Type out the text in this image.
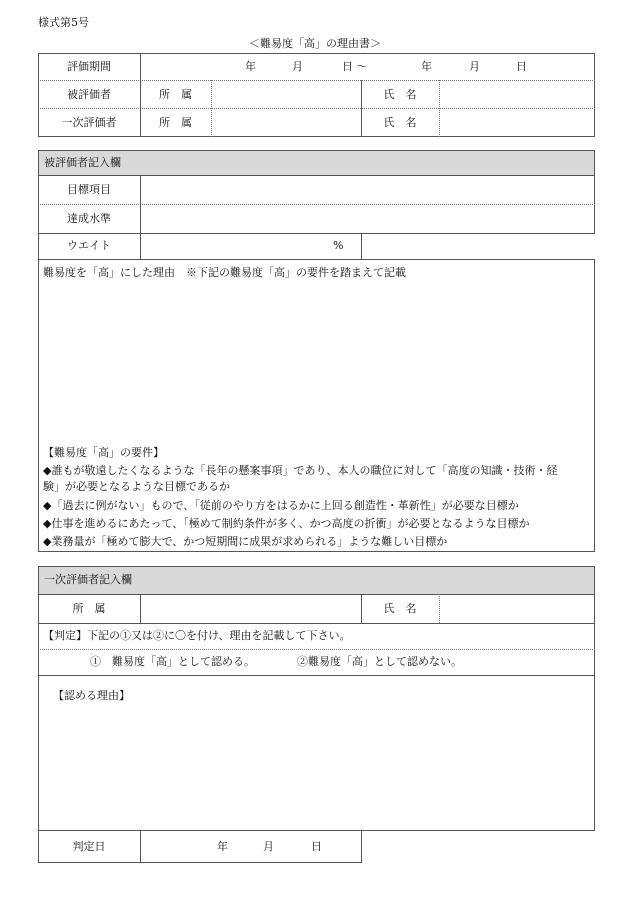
様式第5号
＜難易度「高」の理由書＞
評価期間	年	月	日 〜	年	月	日
被評価者	所　属	氏　名
一次評価者	所　属	氏　名
被評価者記入欄
目標項目
達成水準
ウエイト	%
難易度を「高」にした理由　※下記の難易度「高」の要件を踏まえて記載
【難易度「高」の要件】
◆誰もが敬遠したくなるような「長年の懸案事項」であり、本人の職位に対して「高度の知識・技術・経
験」が必要となるような目標であるか
◆「過去に例がない」もので、「従前のやり方をはるかに上回る創造性・革新性」が必要な目標か
◆仕事を進めるにあたって、「極めて制約条件が多く、かつ高度の折衝」が必要となるような目標か
◆業務量が「極めて膨大で、かつ短期間に成果が求められる」ような難しい目標か
一次評価者記入欄
所　属	氏　名
【判定】下記の①又は②に〇を付け、理由を記載して下さい。
①　難易度「高」として認める。	②難易度「高」として認めない。
【認める理由】
判定日	年	月	日
